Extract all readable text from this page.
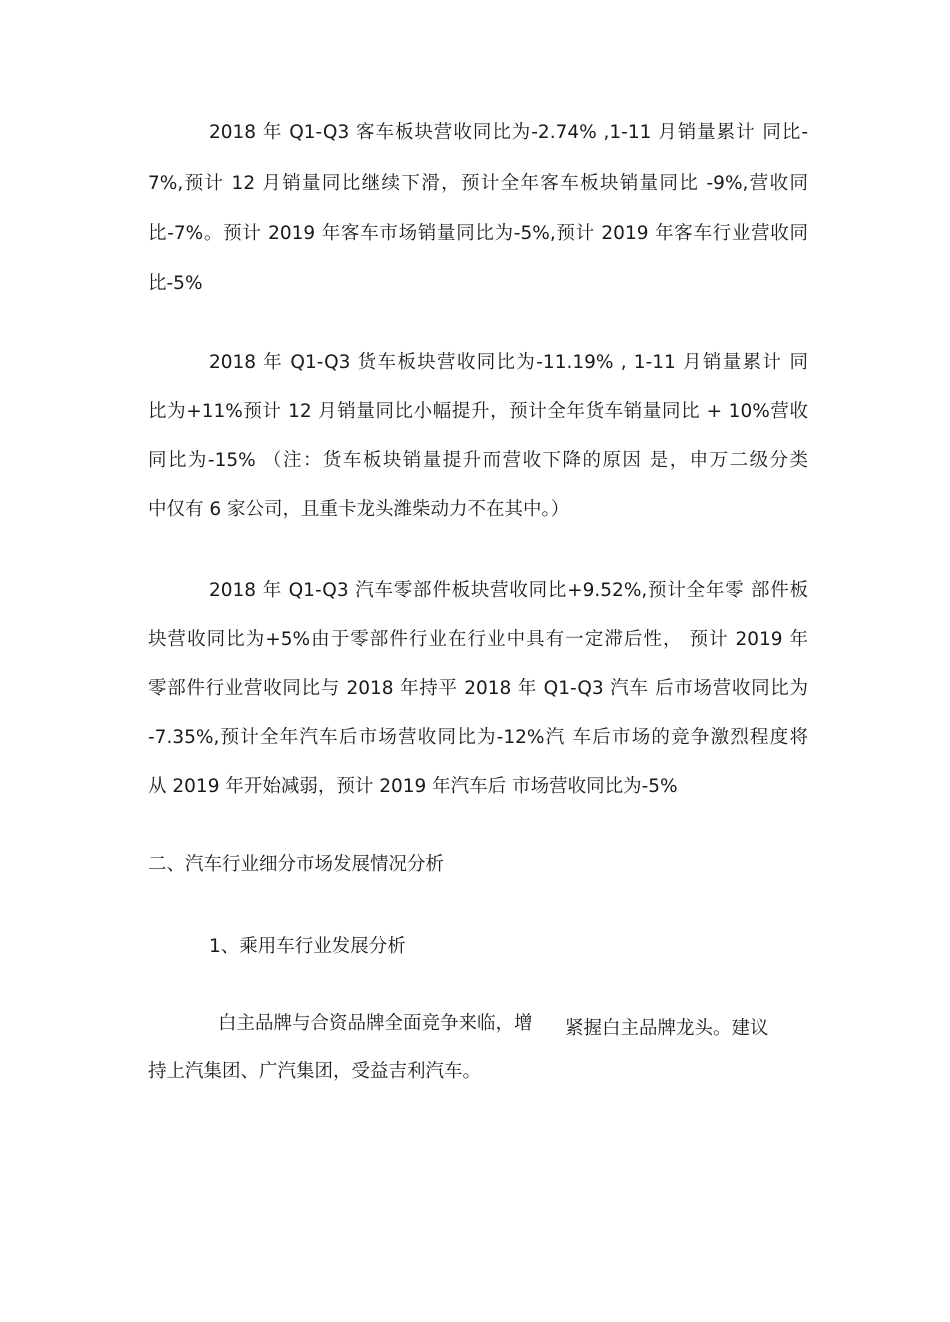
2018 年 Q1-Q3 客车板块营收同比为-2.74% ,1-11 月销量累计 同比-
7%,预计 12 月销量同比继续下滑，预计全年客车板块销量同比 -9%,营收同
比-7%。预计 2019 年客车市场销量同比为-5%,预计 2019 年客车行业营收同
比-5%
2018 年 Q1-Q3 货车板块营收同比为-11.19% , 1-11 月销量累计 同
比为+11%预计 12 月销量同比小幅提升，预计全年货车销量同比 + 10%营收
同比为-15% （注：货车板块销量提升而营收下降的原因 是，申万二级分类
中仅有 6 家公司，且重卡龙头潍柴动力不在其中。）
2018 年 Q1-Q3 汽车零部件板块营收同比+9.52%,预计全年零 部件板
块营收同比为+5%由于零部件行业在行业中具有一定滞后性， 预计 2019 年
零部件行业营收同比与 2018 年持平 2018 年 Q1-Q3 汽车 后市场营收同比为
-7.35%,预计全年汽车后市场营收同比为-12%汽 车后市场的竞争激烈程度将
从 2019 年开始减弱，预计 2019 年汽车后 市场营收同比为-5%
二、汽车行业细分市场发展情况分析
1、乘用车行业发展分析
白主品牌与合资品牌全面竞争来临，增 紧握白主品牌龙头。建议
持上汽集团、广汽集团，受益吉利汽车。
